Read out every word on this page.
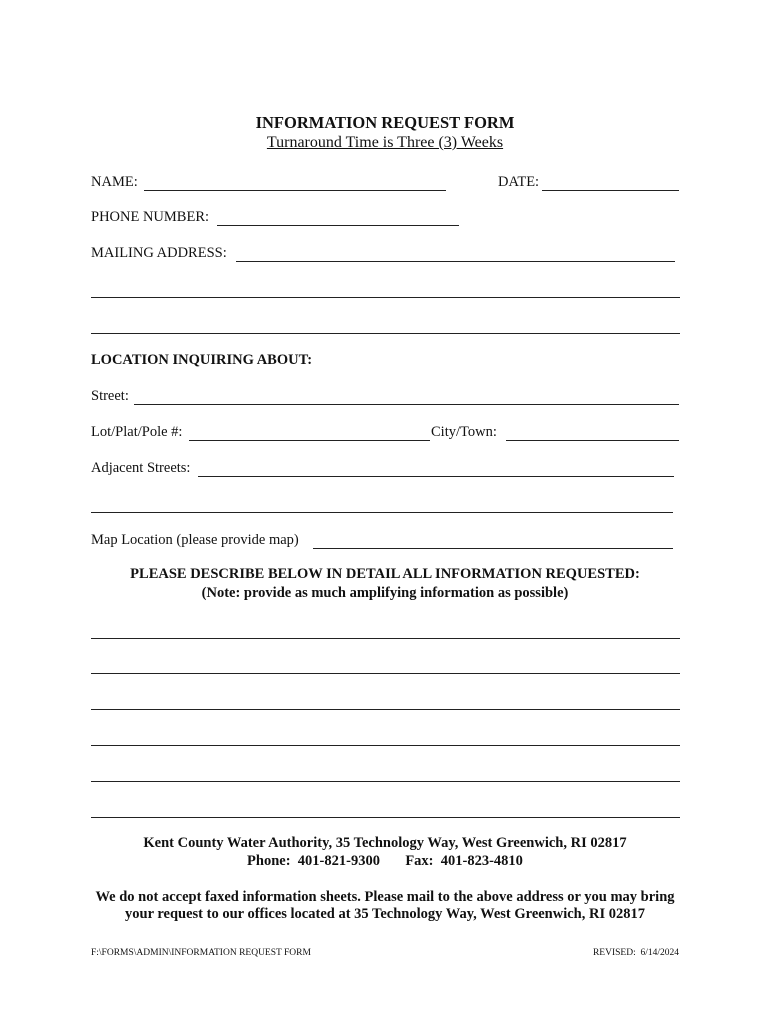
INFORMATION REQUEST FORM
Turnaround Time is Three (3) Weeks
NAME:	DATE:
PHONE NUMBER:
MAILING ADDRESS:
LOCATION INQUIRING ABOUT:
Street:
Lot/Plat/Pole #:	City/Town:
Adjacent Streets:
Map Location (please provide map)
PLEASE DESCRIBE BELOW IN DETAIL ALL INFORMATION REQUESTED:
(Note: provide as much amplifying information as possible)
Kent County Water Authority, 35 Technology Way, West Greenwich, RI 02817
Phone:  401-821-9300       Fax:  401-823-4810
We do not accept faxed information sheets. Please mail to the above address or you may bring
your request to our offices located at 35 Technology Way, West Greenwich, RI 02817
F:\FORMS\ADMIN\INFORMATION REQUEST FORM	REVISED:  6/14/2024
